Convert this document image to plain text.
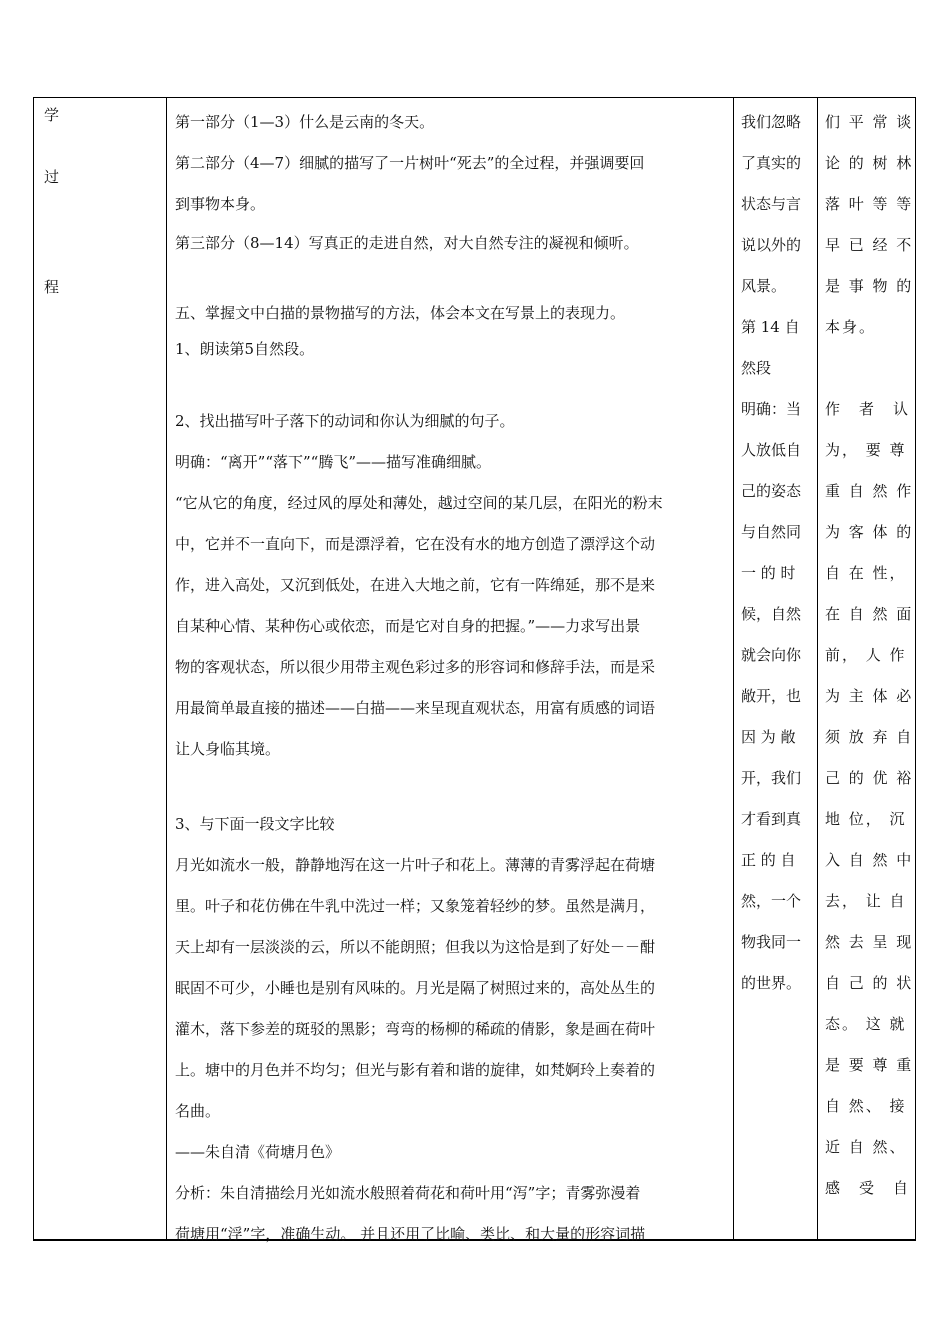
学
过
程

第一部分（1—3）什么是云南的冬天。

第二部分（4—7）细腻的描写了一片树叶“死去”的全过程，并强调要回

到事物本身。

第三部分（8—14）写真正的走进自然，对大自然专注的凝视和倾听。

五、掌握文中白描的景物描写的方法，体会本文在写景上的表现力。

1、朗读第5自然段。

2、找出描写叶子落下的动词和你认为细腻的句子。

明确：“离开”“落下”“腾飞”——描写准确细腻。

“它从它的角度，经过风的厚处和薄处，越过空间的某几层，在阳光的粉末

中，它并不一直向下，而是漂浮着，它在没有水的地方创造了漂浮这个动

作，进入高处，又沉到低处，在进入大地之前，它有一阵绵延，那不是来

自某种心情、某种伤心或依恋，而是它对自身的把握。”——力求写出景

物的客观状态，所以很少用带主观色彩过多的形容词和修辞手法，而是采

用最简单最直接的描述——白描——来呈现直观状态，用富有质感的词语

让人身临其境。

3、与下面一段文字比较

月光如流水一般，静静地泻在这一片叶子和花上。薄薄的青雾浮起在荷塘

里。叶子和花仿佛在牛乳中洗过一样；又象笼着轻纱的梦。虽然是满月，

天上却有一层淡淡的云，所以不能朗照；但我以为这恰是到了好处－－酣

眠固不可少，小睡也是别有风味的。月光是隔了树照过来的，高处丛生的

灌木，落下参差的斑驳的黑影；弯弯的杨柳的稀疏的倩影，象是画在荷叶

上。塘中的月色并不均匀；但光与影有着和谐的旋律，如梵婀玲上奏着的

名曲。

——朱自清《荷塘月色》

分析：朱自清描绘月光如流水般照着荷花和荷叶用“泻”字；青雾弥漫着

荷塘用“浮”字，准确生动。 并且还用了比喻、类比、和大量的形容词描

我们忽略
了真实的
状态与言
说以外的
风景。
第 14 自
然段
明确：当
人放低自
己的姿态
与自然同
一 的 时
候，自然
就会向你
敞开，也
因 为 敞
开，我们
才看到真
正 的 自
然，一个
物我同一
的世界。
们 平 常 谈
论 的 树 林
落 叶 等 等
早 已 经 不
是 事 物 的
本身。

作　者　认
为， 要 尊
重 自 然 作
为 客 体 的
自 在 性，
在 自 然 面
前， 人 作
为 主 体 必
须 放 弃 自
己 的 优 裕
地 位， 沉
入 自 然 中
去， 让 自
然 去 呈 现
自 己 的 状
态。 这 就
是 要 尊 重
自 然、 接
近 自 然、
感　受　自
